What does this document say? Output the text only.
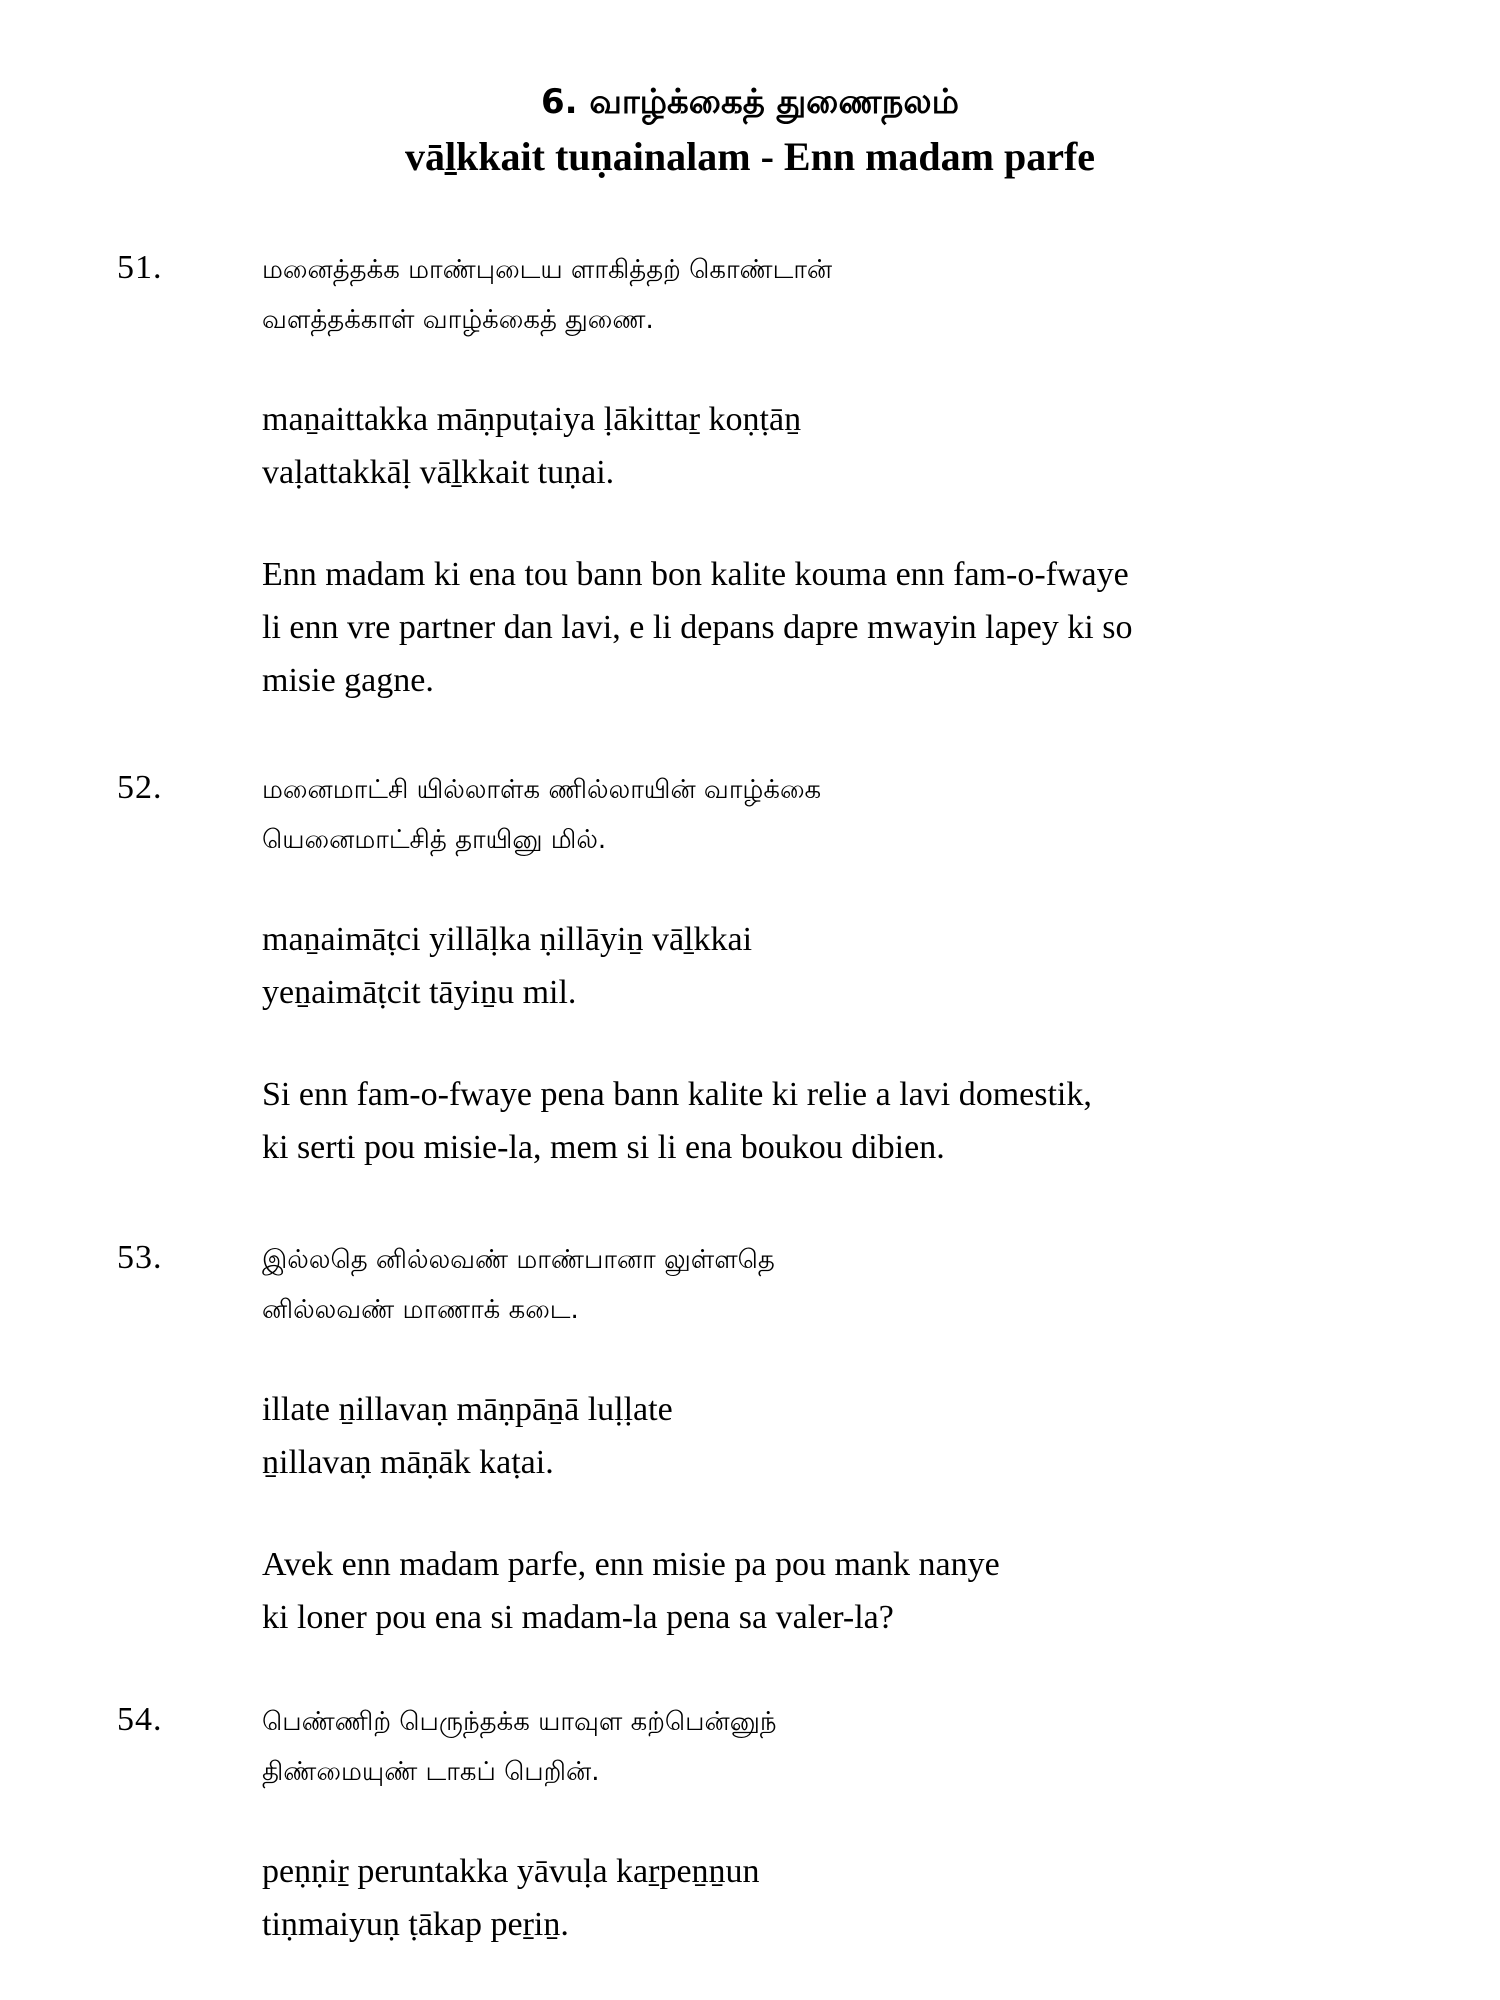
6. வாழ்க்கைத் துணைநலம்
vāḻkkait tuṇainalam - Enn madam parfe
51.	மனைத்தக்க மாண்புடைய ளாகித்தற் கொண்டான்
வளத்தக்காள் வாழ்க்கைத் துணை.
maṉaittakka māṇpuṭaiya ḷākittaṟ koṇṭāṉ
vaḷattakkāḷ vāḻkkait tuṇai.
Enn madam ki ena tou bann bon kalite kouma enn fam-o-fwaye
li enn vre partner dan lavi, e li depans dapre mwayin lapey ki so
misie gagne.
52.	மனைமாட்சி யில்லாள்க ணில்லாயின் வாழ்க்கை
யெனைமாட்சித் தாயினு மில்.
maṉaimāṭci yillāḷka ṇillāyiṉ vāḻkkai
yeṉaimāṭcit tāyiṉu mil.
Si enn fam-o-fwaye pena bann kalite ki relie a lavi domestik,
ki serti pou misie-la, mem si li ena boukou dibien.
53.	இல்லதெ னில்லவண் மாண்பானா லுள்ளதெ
னில்லவண் மாணாக் கடை.
illate ṉillavaṇ māṇpāṉā luḷḷate
ṉillavaṇ māṇāk kaṭai.
Avek enn madam parfe, enn misie pa pou mank nanye
ki loner pou ena si madam-la pena sa valer-la?
54.	பெண்ணிற் பெருந்தக்க யாவுள கற்பென்னுந்
திண்மையுண் டாகப் பெறின்.
peṇṇiṟ peruntakka yāvuḷa kaṟpeṉṉun
tiṇmaiyuṇ ṭākap peṟiṉ.
